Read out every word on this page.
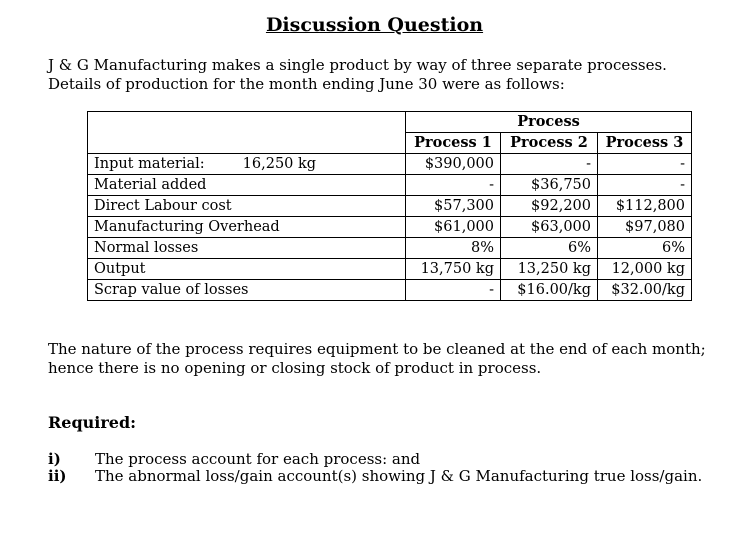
Discussion Question
J & G Manufacturing makes a single product by way of three separate processes. Details of production for the month ending June 30 were as follows:
	Process		
	Process 1	Process 2	Process 3
Input material: 16,250 kg	$390,000	-	-
Material added	-	$36,750	-
Direct Labour cost	$57,300	$92,200	$112,800
Manufacturing Overhead	$61,000	$63,000	$97,080
Normal losses	8%	6%	6%
Output	13,750 kg	13,250 kg	12,000 kg
Scrap value of losses	-	$16.00/kg	$32.00/kg
The nature of the process requires equipment to be cleaned at the end of each month; hence there is no opening or closing stock of product in process.
Required:
i) The process account for each process: and
ii) The abnormal loss/gain account(s) showing J & G Manufacturing true loss/gain.
